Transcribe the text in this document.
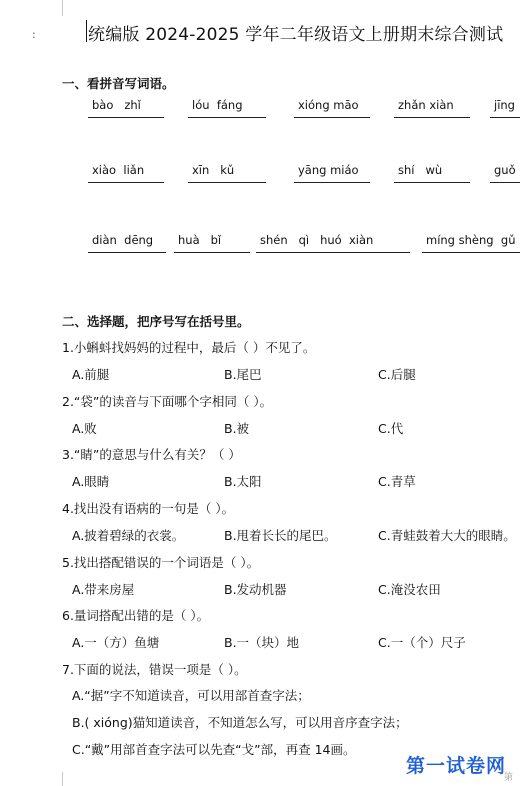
:	统编版 2024-2025 学年二年级语文上册期末综合测试
一、看拼音写词语。
bào   zhǐ	lóu  fáng	xióng māo	zhǎn xiàn	jīng
xiào  liǎn	xīn   kǔ	yāng miáo	shí   wù	guǒ
diàn  dēng	huà   bǐ	shén   qì   huó  xiàn	míng shèng  gǔ
二、选择题，把序号写在括号里。
1.小蝌蚪找妈妈的过程中，最后（ ）不见了。
A.前腿	B.尾巴	C.后腿
2.“袋”的读音与下面哪个字相同（ ）。
A.败	B.被	C.代
3.“睛”的意思与什么有关？（ ）
A.眼睛	B.太阳	C.青草
4.找出没有语病的一句是（ ）。
A.披着碧绿的衣裳。	B.甩着长长的尾巴。	C.青蛙鼓着大大的眼睛。
5.找出搭配错误的一个词语是（ ）。
A.带来房屋	B.发动机器	C.淹没农田
6.量词搭配出错的是（ ）。
A.一（方）鱼塘	B.一（块）地	C.一（个）尺子
7.下面的说法，错误一项是（ ）。
A.“据”字不知道读音，可以用部首查字法；
B.( xióng)猫知道读音，不知道怎么写，可以用音序查字法；
C.“戴”用部首查字法可以先查“戈”部，再查 14画。
第一试卷网
第
